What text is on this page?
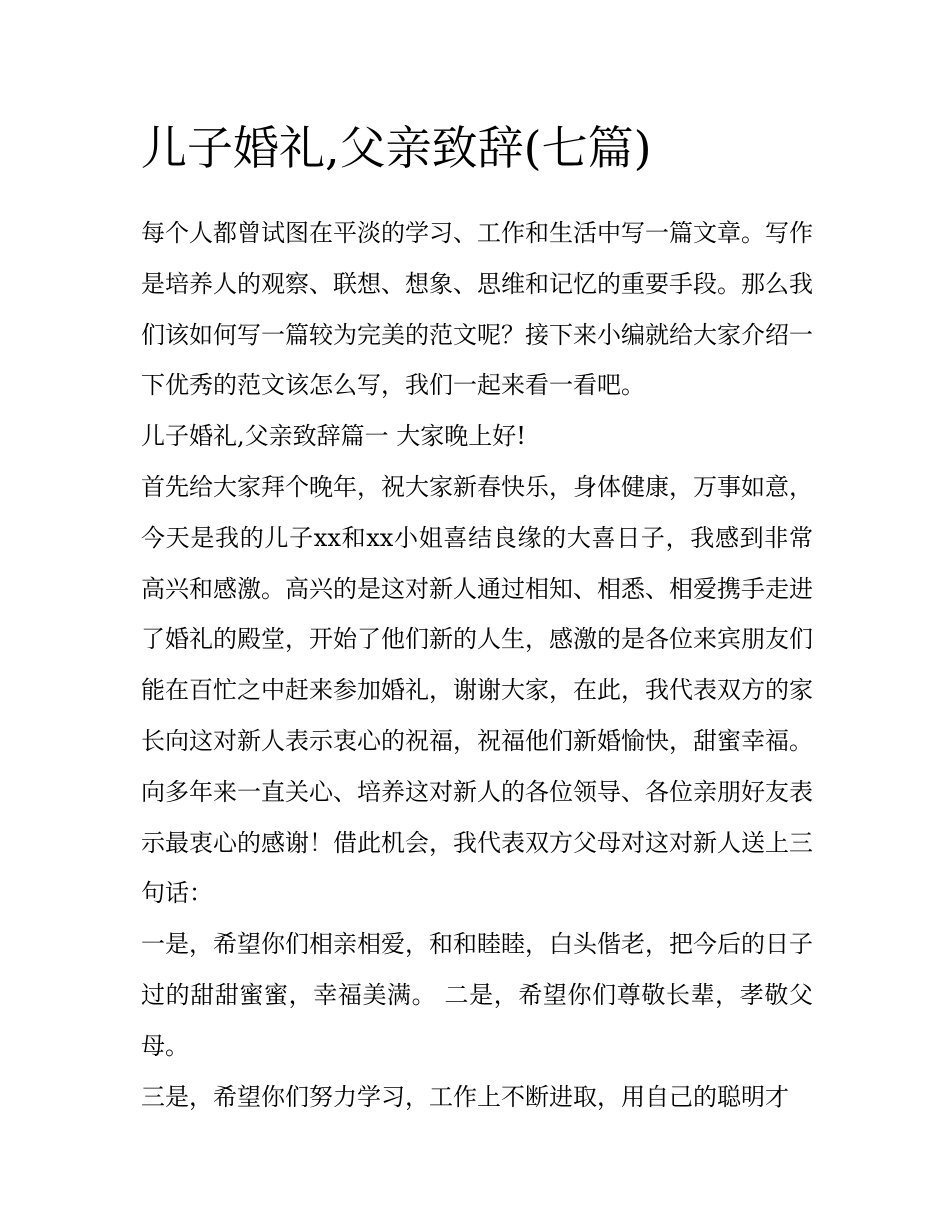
儿子婚礼,父亲致辞(七篇)

每个人都曾试图在平淡的学习、工作和生活中写一篇文章。写作是培养人的观察、联想、想象、思维和记忆的重要手段。那么我们该如何写一篇较为完美的范文呢？接下来小编就给大家介绍一下优秀的范文该怎么写，我们一起来看一看吧。

儿子婚礼,父亲致辞篇一 大家晚上好!

首先给大家拜个晚年，祝大家新春快乐，身体健康，万事如意，今天是我的儿子xx和xx小姐喜结良缘的大喜日子，我感到非常高兴和感激。高兴的是这对新人通过相知、相悉、相爱携手走进了婚礼的殿堂，开始了他们新的人生，感激的是各位来宾朋友们能在百忙之中赶来参加婚礼，谢谢大家，在此，我代表双方的家长向这对新人表示衷心的祝福，祝福他们新婚愉快，甜蜜幸福。向多年来一直关心、培养这对新人的各位领导、各位亲朋好友表示最衷心的感谢！借此机会，我代表双方父母对这对新人送上三句话：

一是，希望你们相亲相爱，和和睦睦，白头偕老，把今后的日子过的甜甜蜜蜜，幸福美满。 二是，希望你们尊敬长辈，孝敬父母。

三是，希望你们努力学习，工作上不断进取，用自己的聪明才
